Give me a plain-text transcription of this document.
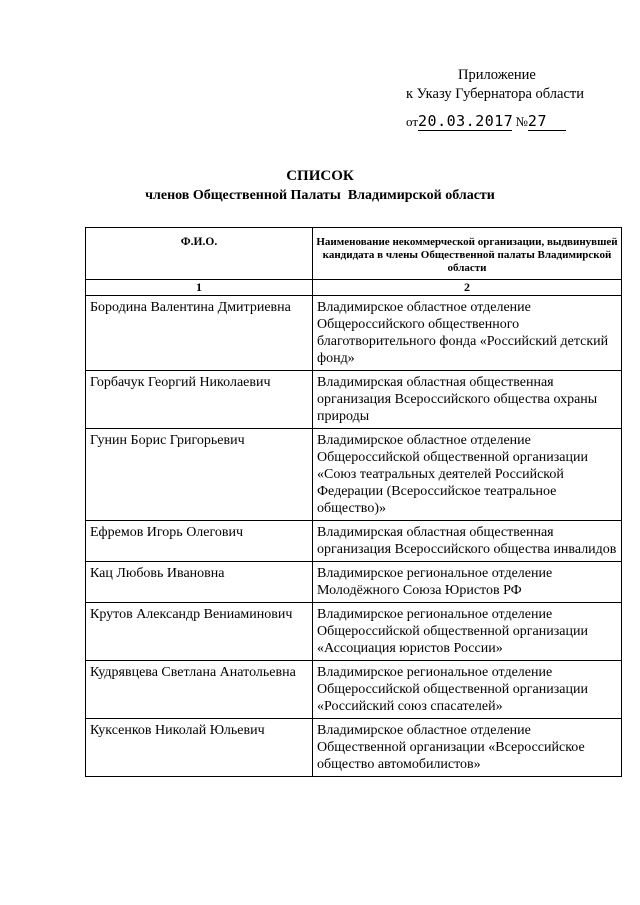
Приложение
к Указу Губернатора области
от20.03.2017 №27
СПИСОК
членов Общественной Палаты  Владимирской области
Ф.И.О.	Наименование некоммерческой организации, выдвинувшей кандидата в члены Общественной палаты Владимирской области
1	2
Бородина Валентина Дмитриевна	Владимирское областное отделение Общероссийского общественного благотворительного фонда «Российский детский фонд»
Горбачук Георгий Николаевич	Владимирская областная общественная организация Всероссийского общества охраны природы
Гунин Борис Григорьевич	Владимирское областное отделение Общероссийской общественной организации «Союз театральных деятелей Российской Федерации (Всероссийское театральное общество)»
Ефремов Игорь Олегович	Владимирская областная общественная организация Всероссийского общества инвалидов
Кац Любовь Ивановна	Владимирское региональное отделение Молодёжного Союза Юристов РФ
Крутов Александр Вениаминович	Владимирское региональное отделение Общероссийской общественной организации «Ассоциация юристов России»
Кудрявцева Светлана Анатольевна	Владимирское региональное отделение Общероссийской общественной организации «Российский союз спасателей»
Куксенков Николай Юльевич	Владимирское областное отделение Общественной организации «Всероссийское общество автомобилистов»
